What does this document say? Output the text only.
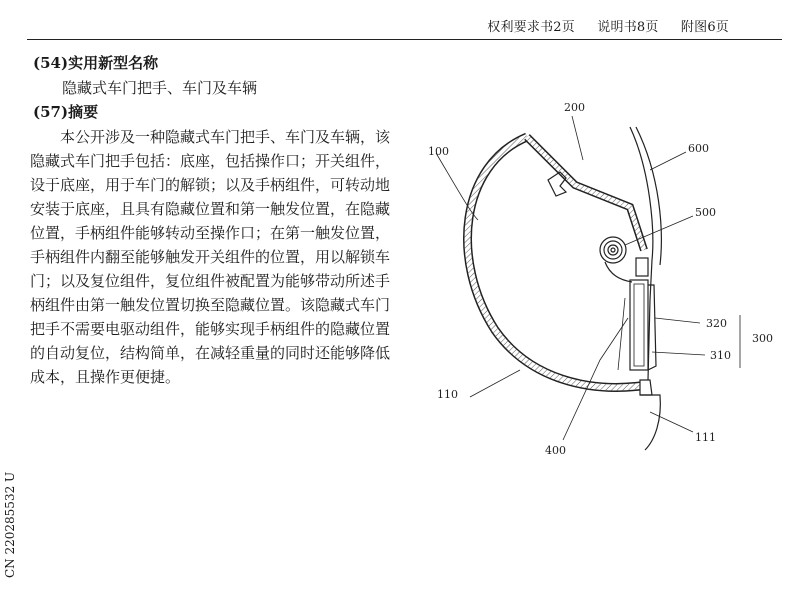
权利要求书2页 说明书8页 附图6页
(54)实用新型名称
隐藏式车门把手、车门及车辆
(57)摘要

本公开涉及一种隐藏式车门把手、车门及车辆，该隐藏式车门把手包括：底座，包括操作口；开关组件，设于底座，用于车门的解锁；以及手柄组件，可转动地安装于底座，且具有隐藏位置和第一触发位置，在隐藏位置，手柄组件能够转动至操作口；在第一触发位置，手柄组件内翻至能够触发开关组件的位置，用以解锁车门；以及复位组件，复位组件被配置为能够带动所述手柄组件由第一触发位置切换至隐藏位置。该隐藏式车门把手不需要电驱动组件，能够实现手柄组件的隐藏位置的自动复位，结构简单，在减轻重量的同时还能够降低成本，且操作更便捷。

CN 220285532 U
100
200
600
500
320
300
310
110
400
111
